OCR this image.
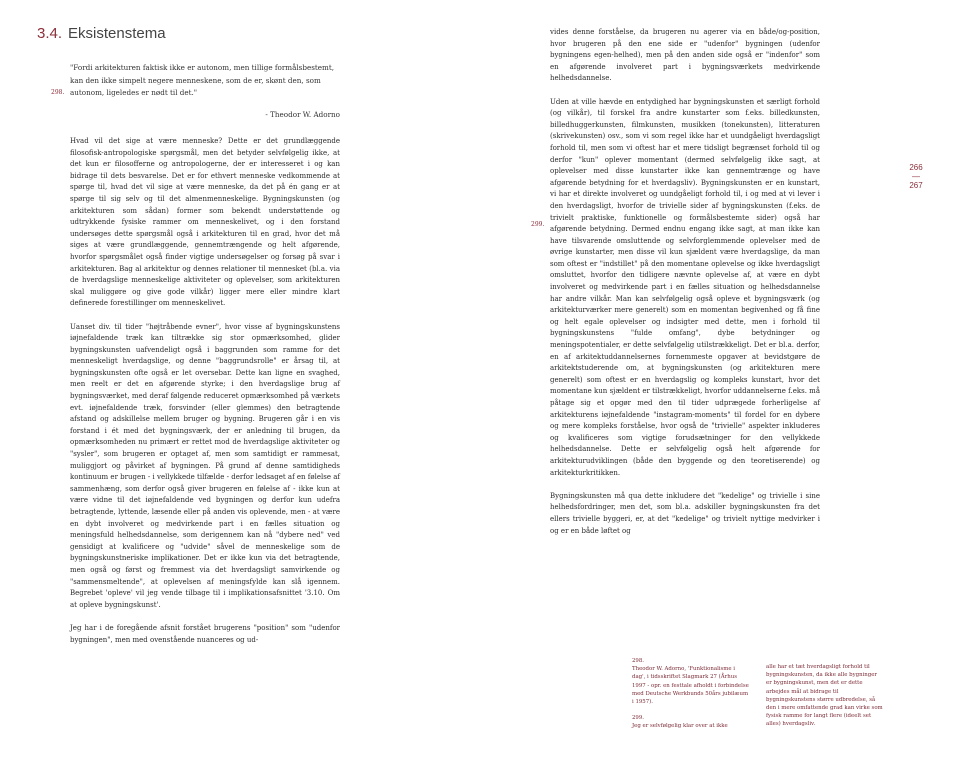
3.4. Eksistenstema
298.
"Fordi arkitekturen faktisk ikke er autonom, men tillige formålsbestemt, kan den ikke simpelt negere menneskene, som de er, skønt den, som autonom, ligeledes er nødt til det."
- Theodor W. Adorno

Hvad vil det sige at være menneske? Dette er det grundlæggende filosofisk-antropologiske spørgsmål, men det betyder selvfølgelig ikke, at det kun er filosofferne og antropologerne, der er interesseret i og kan bidrage til dets besvarelse. Det er for ethvert menneske vedkommende at spørge til, hvad det vil sige at være menneske, da det på én gang er at spørge til sig selv og til det almenmenneskelige. Bygningskunsten (og arkitekturen som sådan) former som bekendt understøttende og udtrykkende fysiske rammer om menneskelivet, og i den forstand undersøges dette spørgsmål også i arkitekturen til en grad, hvor det må siges at være grundlæggende, gennemtrængende og helt afgørende, hvorfor spørgsmålet også finder vigtige undersøgelser og forsøg på svar i arkitekturen. Bag al arkitektur og dennes relationer til mennesket (bl.a. via de hverdagslige menneskelige aktiviteter og oplevelser, som arkitekturen skal muliggøre og give gode vilkår) ligger mere eller mindre klart definerede forestillinger om menneskelivet.

Uanset div. til tider "højtråbende evner", hvor visse af bygningskunstens iøjnefaldende træk kan tiltrække sig stor opmærksomhed, glider bygningskunsten uafvendeligt også i baggrunden som ramme for det menneskeligt hverdagslige, og denne "baggrundsrolle" er årsag til, at bygningskunsten ofte også er let oversebar. Dette kan ligne en svaghed, men reelt er det en afgørende styrke; i den hverdagslige brug af bygningsværket, med deraf følgende reduceret opmærksomhed på værkets evt. iøjnefaldende træk, forsvinder (eller glemmes) den betragtende afstand og adskillelse mellem bruger og bygning. Brugeren går i en vis forstand i ét med det bygningsværk, der er anledning til brugen, da opmærksomheden nu primært er rettet mod de hverdagslige aktiviteter og "sysler", som brugeren er optaget af, men som samtidigt er rammesat, muliggjort og påvirket af bygningen. På grund af denne samtidigheds kontinuum er brugen - i vellykkede tilfælde - derfor ledsaget af en følelse af sammenhæng, som derfor også giver brugeren en følelse af - ikke kun at være vidne til det iøjnefaldende ved bygningen og derfor kun udefra betragtende, lyttende, læsende eller på anden vis oplevende, men - at være en dybt involveret og medvirkende part i en fælles situation og meningsfuld helhedsdannelse, som derigennem kan nå "dybere ned" ved gensidigt at kvalificere og "udvide" såvel de menneskelige som de bygningskunstneriske implikationer. Det er ikke kun via det betragtende, men også og først og fremmest via det hverdagsligt samvirkende og "sammensmeltende", at oplevelsen af meningsfylde kan slå igennem. Begrebet 'opleve' vil jeg vende tilbage til i implikationsafsnittet '3.10. Om at opleve bygningskunst'.

Jeg har i de foregående afsnit forstået brugerens "position" som "udenfor bygningen", men med ovenstående nuanceres og ud-

299.

vides denne forståelse, da brugeren nu agerer via en både/og-position, hvor brugeren på den ene side er "udenfor" bygningen (udenfor bygningens egen-helhed), men på den anden side også er "indenfor" som en afgørende involveret part i bygningsværkets medvirkende helhedsdannelse.

Uden at ville hævde en entydighed har bygningskunsten et særligt forhold (og vilkår), til forskel fra andre kunstarter som f.eks. billedkunsten, billedhuggerkunsten, filmkunsten, musikken (tonekunsten), litteraturen (skrivekunsten) osv., som vi som regel ikke har et uundgåeligt hverdagsligt forhold til, men som vi oftest har et mere tidsligt begrænset forhold til og derfor "kun" oplever momentant (dermed selvfølgelig ikke sagt, at oplevelser med disse kunstarter ikke kan gennemtrænge og have afgørende betydning for et hverdagsliv). Bygningskunsten er en kunstart, vi har et direkte involveret og uundgåeligt forhold til, i og med at vi lever i den hverdagsligt, hvorfor de trivielle sider af bygningskunsten (f.eks. de trivielt praktiske, funktionelle og formålsbestemte sider) også har afgørende betydning. Dermed endnu engang ikke sagt, at man ikke kan have tilsvarende omsluttende og selvforglemmende oplevelser med de øvrige kunstarter, men disse vil kun sjældent være hverdagslige, da man som oftest er "indstillet" på den momentane oplevelse og ikke hverdagsligt omsluttet, hvorfor den tidligere nævnte oplevelse af, at være en dybt involveret og medvirkende part i en fælles situation og helhedsdannelse har andre vilkår. Man kan selvfølgelig også opleve et bygningsværk (og arkitekturværker mere generelt) som en momentan begivenhed og få fine og helt egale oplevelser og indsigter med dette, men i forhold til bygningskunstens "fulde omfang", dybe betydninger og meningspotentialer, er dette selvfølgelig utilstrækkeligt. Det er bl.a. derfor, en af arkitektuddannelsernes fornemmeste opgaver at bevidstgøre de arkitektstuderende om, at bygningskunsten (og arkitekturen mere generelt) som oftest er en hverdagslig og kompleks kunstart, hvor det momentane kun sjældent er tilstrækkeligt, hvorfor uddannelserne f.eks. må påtage sig et opgør med den til tider udprægede forherligelse af arkitekturens iøjnefaldende "instagram-moments" til fordel for en dybere og mere kompleks forståelse, hvor også de "trivielle" aspekter inkluderes og kvalificeres som vigtige forudsætninger for den vellykkede helhedsdannelse. Dette er selvfølgelig også helt afgørende for arkitekturudviklingen (både den byggende og den teoretiserende) og arkitekturkritikken.

Bygningskunsten må qua dette inkludere det "kedelige" og trivielle i sine helhedsfordringer, men det, som bl.a. adskiller bygningskunsten fra det ellers trivielle byggeri, er, at det "kedelige" og trivielt nyttige medvirker i og er en både løftet og

266
—
267
298.
Theodor W. Adorno, 'Funktionalisme i dag', i tidsskriftet Slagmark 27 (Århus 1997 - opr. en festtale afholdt i forbindelse med Deutsche Werkbunds 50års jubilæum i 1957).
299.
Jeg er selvfølgelig klar over at ikke
alle har et tæt hverdagsligt forhold til bygningskunsten, da ikke alle bygninger er bygningskunst, men det er dette arbejdes mål at bidrage til bygningskunstens større udbredelse, så den i mere omfattende grad kan virke som fysisk ramme for langt flere (ideelt set alles) hverdagsliv.
